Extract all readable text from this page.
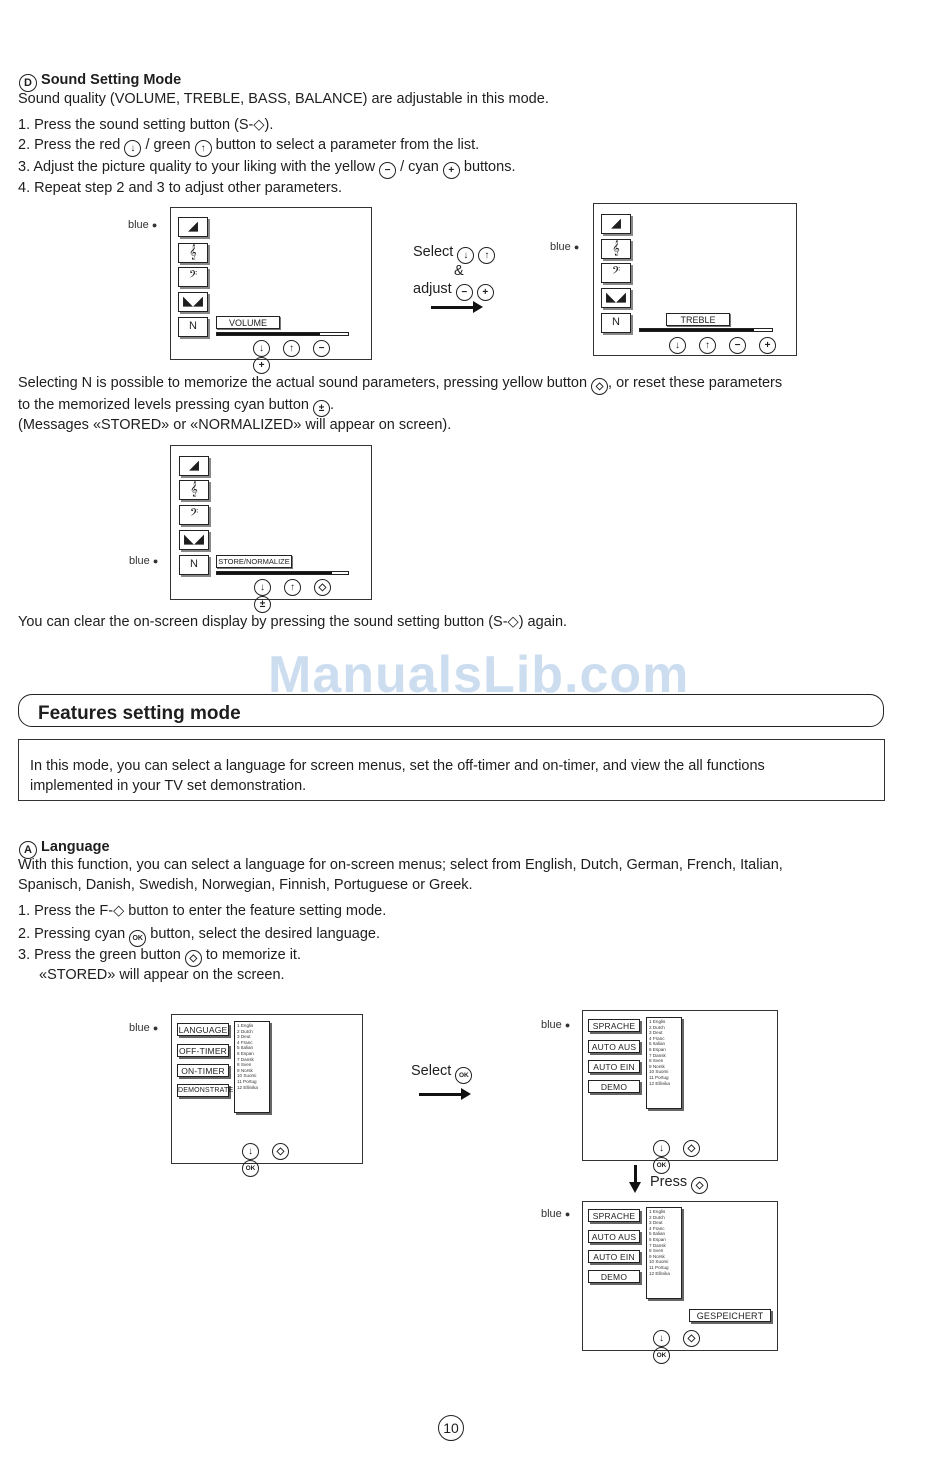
D Sound Setting Mode
Sound quality (VOLUME, TREBLE, BASS, BALANCE) are adjustable in this mode.
1. Press the sound setting button (S-◇).
2. Press the red ↓ / green ↑ button to select a parameter from the list.
3. Adjust the picture quality to your liking with the yellow − / cyan + buttons.
4. Repeat step 2 and 3 to adjust other parameters.
blue ●	◢
𝄞
𝄢
◣◢
N	VOLUME
↓	↑ −+
Select ↓ ↑
&
adjust − +
blue ●
◢
𝄞
𝄢
◣◢
N	TREBLE
↓	↑ − +
Selecting N is possible to memorize the actual sound parameters, pressing yellow button ◇ , or reset these parameters
to the memorized levels pressing cyan button ± .
(Messages «STORED» or «NORMALIZED» will appear on screen).
blue ●
◢
𝄞
𝄢
◣◢
N	STORE/NORMALIZE
↓	↑ ◇±
You can clear the on-screen display by pressing the sound setting button (S-◇) again.
ManualsLib.com
Features setting mode
In this mode, you can select a language for screen menus, set the off-timer and on-timer, and view the all functions
implemented in your TV set demonstration.
A Language
With this function, you can select a language for on-screen menus; select from English, Dutch, German, French, Italian,
Spanisch, Danish, Swedish, Norwegian, Finnish, Portuguese or Greek.
1. Press the F-◇ button to enter the feature setting mode.
2. Pressing cyan OK button, select the desired language.
3. Press the green button ◇ to memorize it.
«STORED» will appear on the screen.
blue ● LANGUAGE
OFF-TIMER
ON-TIMER
DEMONSTRATE
1 Englis
2 Dutch
3 Deut
4 Franc
5 Italian
6 Espan
7 Dansk
8 Sven
9 Norsk
10 Suomi
11 Portug
12 Ellinika
↓ ◇OK
Select OK
blue ●	SPRACHE
AUTO AUS
AUTO EIN
DEMO
1 Englis
2 Dutch
3 Deut
4 Franc
5 Italian
6 Espan
7 Dansk
8 Sven
9 Norsk
10 Suomi
11 Portug
12 Ellinika
↓ ◇OK
Press ◇
blue ●	SPRACHE
AUTO AUS
AUTO EIN
DEMO
1 Englis
2 Dutch
3 Deut
4 Franc
5 Italian
6 Espan
7 Dansk
8 Sven
9 Norsk
10 Suomi
11 Portug
12 Ellinika
GESPEICHERT
↓ ◇OK
10
